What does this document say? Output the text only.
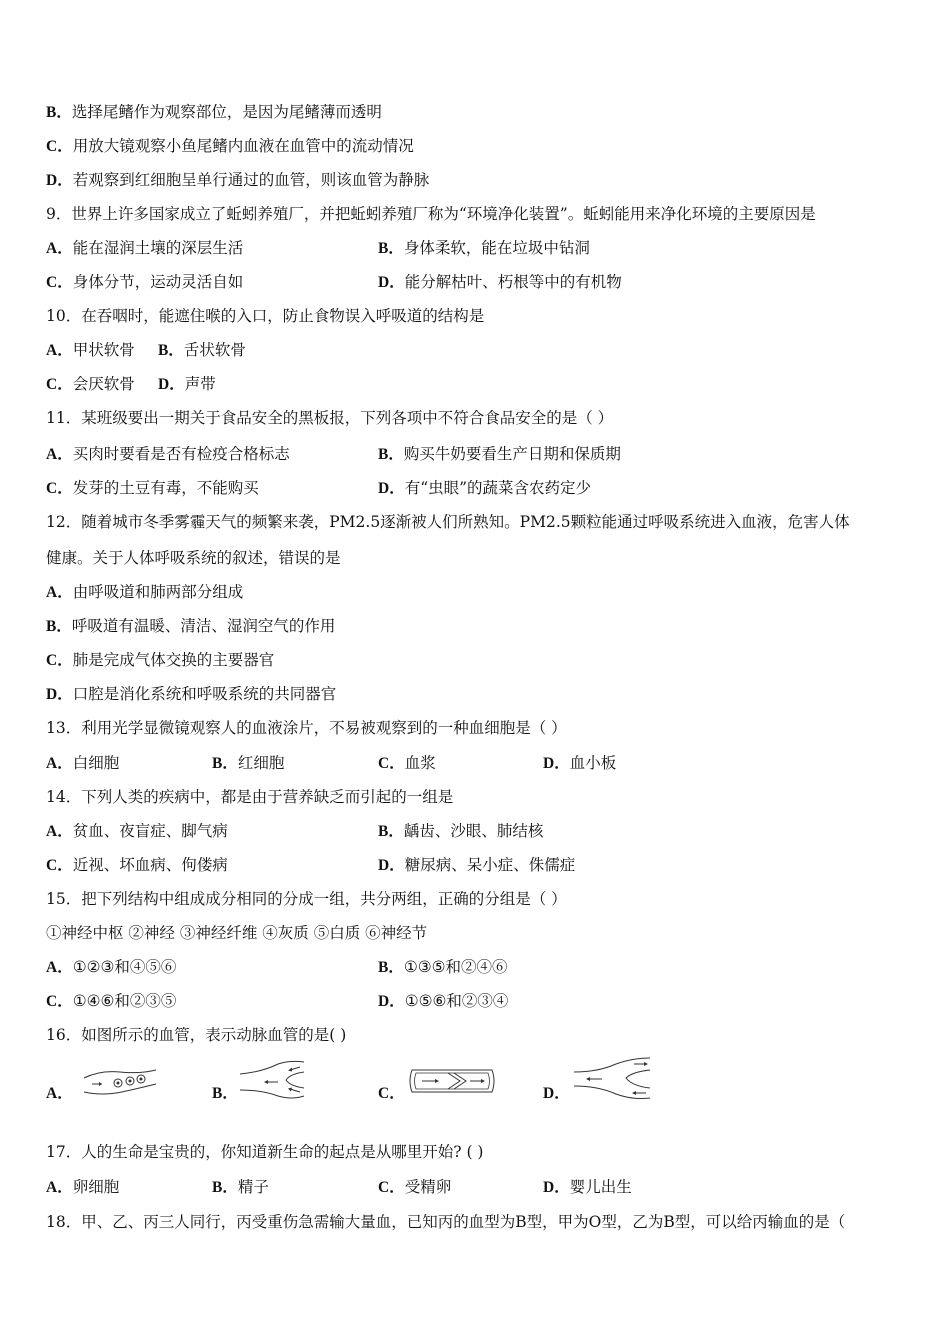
B．选择尾鳍作为观察部位，是因为尾鳍薄而透明
C．用放大镜观察小鱼尾鳍内血液在血管中的流动情况
D．若观察到红细胞呈单行通过的血管，则该血管为静脉
9．世界上许多国家成立了蚯蚓养殖厂，并把蚯蚓养殖厂称为“环境净化装置”。蚯蚓能用来净化环境的主要原因是
A．能在湿润土壤的深层生活	B．身体柔软，能在垃圾中钻洞
C．身体分节，运动灵活自如	D．能分解枯叶、朽根等中的有机物
10．在吞咽时，能遮住喉的入口，防止食物误入呼吸道的结构是
A．甲状软骨 B．舌状软骨
C．会厌软骨 D．声带
11．某班级要出一期关于食品安全的黑板报，下列各项中不符合食品安全的是（ ）
A．买肉时要看是否有检疫合格标志	B．购买牛奶要看生产日期和保质期
C．发芽的土豆有毒，不能购买	D．有“虫眼”的蔬菜含农药定少
12．随着城市冬季雾霾天气的频繁来袭，PM2.5逐渐被人们所熟知。PM2.5颗粒能通过呼吸系统进入血液，危害人体
健康。关于人体呼吸系统的叙述，错误的是
A．由呼吸道和肺两部分组成
B．呼吸道有温暖、清洁、湿润空气的作用
C．肺是完成气体交换的主要器官
D．口腔是消化系统和呼吸系统的共同器官
13．利用光学显微镜观察人的血液涂片，不易被观察到的一种血细胞是（ ）
A．白细胞	B．红细胞	C．血浆	D．血小板
14．下列人类的疾病中，都是由于营养缺乏而引起的一组是
A．贫血、夜盲症、脚气病	B．龋齿、沙眼、肺结核
C．近视、坏血病、佝偻病	D．糖尿病、呆小症、侏儒症
15．把下列结构中组成成分相同的分成一组，共分两组，正确的分组是（ ）
①神经中枢 ②神经 ③神经纤维 ④灰质 ⑤白质 ⑥神经节
A．①②③和④⑤⑥	B．①③⑤和②④⑥
C．①④⑥和②③⑤	D．①⑤⑥和②③④
16．如图所示的血管，表示动脉血管的是( )
A．	B．	C．	D．
17．人的生命是宝贵的，你知道新生命的起点是从哪里开始? ( )
A．卵细胞	B．精子	C．受精卵	D．婴儿出生
18．甲、乙、丙三人同行，丙受重伤急需输大量血，已知丙的血型为B型，甲为O型，乙为B型，可以给丙输血的是（
